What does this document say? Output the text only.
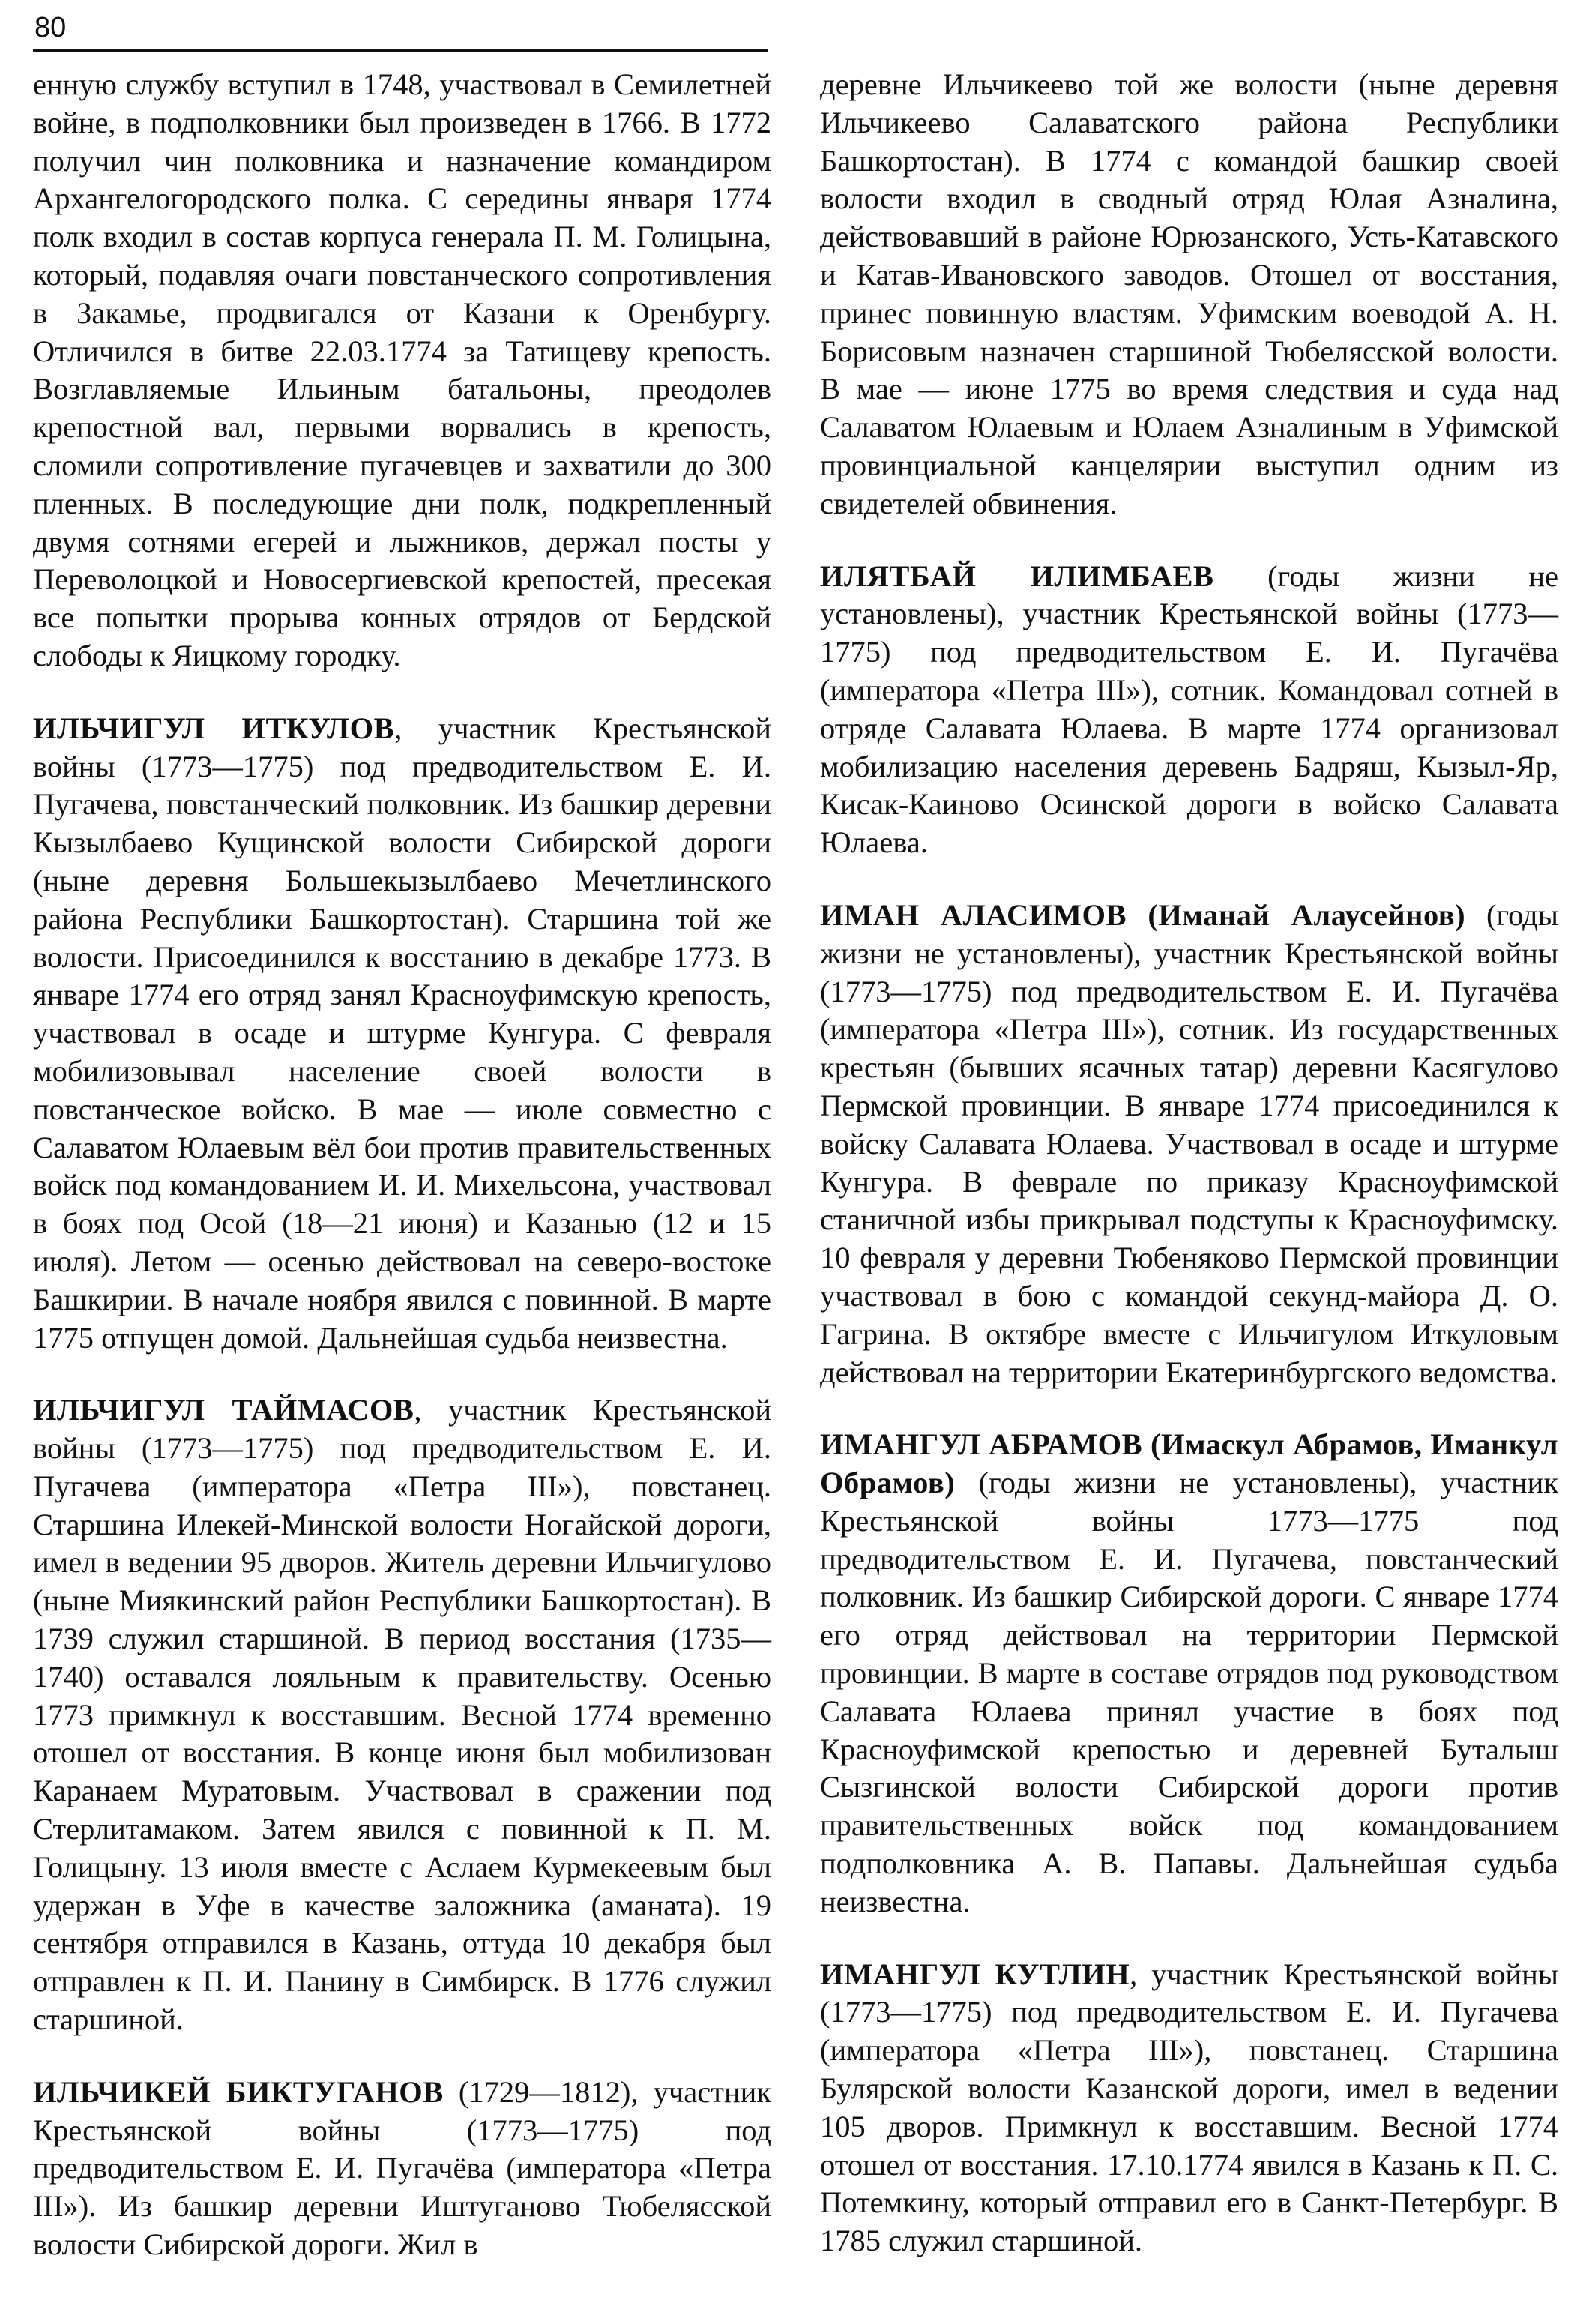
80

енную службу вступил в 1748, участвовал в Семилетней войне, в подполковники был произведен в 1766. В 1772 получил чин полковника и назначение командиром Архангелогородского полка. С середины января 1774 полк входил в состав корпуса генерала П. М. Голицына, который, подавляя очаги повстанческого сопротивления в Закамье, продвигался от Казани к Оренбургу. Отличился в битве 22.03.1774 за Татищеву крепость. Возглавляемые Ильиным батальоны, преодолев крепостной вал, первыми ворвались в крепость, сломили сопротивление пугачевцев и захватили до 300 пленных. В последующие дни полк, подкрепленный двумя сотнями егерей и лыжников, держал посты у Переволоцкой и Новосергиевской крепостей, пресекая все попытки прорыва конных отрядов от Бердской слободы к Яицкому городку.

ИЛЬЧИГУЛ ИТКУЛОВ, участник Крестьянской войны (1773—1775) под предводительством Е. И. Пугачева, повстанческий полковник. Из башкир деревни Кызылбаево Кущинской волости Сибирской дороги (ныне деревня Большекызылбаево Мечетлинского района Республики Башкортостан). Старшина той же волости. Присоединился к восстанию в декабре 1773. В январе 1774 его отряд занял Красноуфимскую крепость, участвовал в осаде и штурме Кунгура. С февраля мобилизовывал население своей волости в повстанческое войско. В мае — июле совместно с Салаватом Юлаевым вёл бои против правительственных войск под командованием И. И. Михельсона, участвовал в боях под Осой (18—21 июня) и Казанью (12 и 15 июля). Летом — осенью действовал на северо-востоке Башкирии. В начале ноября явился с повинной. В марте 1775 отпущен домой. Дальнейшая судьба неизвестна.

ИЛЬЧИГУЛ ТАЙМАСОВ, участник Крестьянской войны (1773—1775) под предводительством Е. И. Пугачева (императора «Петра III»), повстанец. Старшина Илекей-Минской волости Ногайской дороги, имел в ведении 95 дворов. Житель деревни Ильчигулово (ныне Миякинский район Республики Башкортостан). В 1739 служил старшиной. В период восстания (1735—1740) оставался лояльным к правительству. Осенью 1773 примкнул к восставшим. Весной 1774 временно отошел от восстания. В конце июня был мобилизован Каранаем Муратовым. Участвовал в сражении под Стерлитамаком. Затем явился с повинной к П. М. Голицыну. 13 июля вместе с Аслаем Курмекеевым был удержан в Уфе в качестве заложника (аманата). 19 сентября отправился в Казань, оттуда 10 декабря был отправлен к П. И. Панину в Симбирск. В 1776 служил старшиной.

ИЛЬЧИКЕЙ БИКТУГАНОВ (1729—1812), участник Крестьянской войны (1773—1775) под предводительством Е. И. Пугачёва (императора «Петра III»). Из башкир деревни Иштуганово Тюбелясской волости Сибирской дороги. Жил в

деревне Ильчикеево той же волости (ныне деревня Ильчикеево Салаватского района Республики Башкортостан). В 1774 с командой башкир своей волости входил в сводный отряд Юлая Азналина, действовавший в районе Юрюзанского, Усть-Катавского и Катав-Ивановского заводов. Отошел от восстания, принес повинную властям. Уфимским воеводой А. Н. Борисовым назначен старшиной Тюбелясской волости. В мае — июне 1775 во время следствия и суда над Салаватом Юлаевым и Юлаем Азналиным в Уфимской провинциальной канцелярии выступил одним из свидетелей обвинения.

ИЛЯТБАЙ ИЛИМБАЕВ (годы жизни не установлены), участник Крестьянской войны (1773—1775) под предводительством Е. И. Пугачёва (императора «Петра III»), сотник. Командовал сотней в отряде Салавата Юлаева. В марте 1774 организовал мобилизацию населения деревень Бадряш, Кызыл-Яр, Кисак-Каиново Осинской дороги в войско Салавата Юлаева.

ИМАН АЛАСИМОВ (Иманай Алаусейнов) (годы жизни не установлены), участник Крестьянской войны (1773—1775) под предводительством Е. И. Пугачёва (императора «Петра III»), сотник. Из государственных крестьян (бывших ясачных татар) деревни Касягулово Пермской провинции. В январе 1774 присоединился к войску Салавата Юлаева. Участвовал в осаде и штурме Кунгура. В феврале по приказу Красноуфимской станичной избы прикрывал подступы к Красноуфимску. 10 февраля у деревни Тюбеняково Пермской провинции участвовал в бою с командой секунд-майора Д. О. Гагрина. В октябре вместе с Ильчигулом Иткуловым действовал на территории Екатеринбургского ведомства.

ИМАНГУЛ АБРАМОВ (Имаскул Абрамов, Иманкул Обрамов) (годы жизни не установлены), участник Крестьянской войны 1773—1775 под предводительством Е. И. Пугачева, повстанческий полковник. Из башкир Сибирской дороги. С январе 1774 его отряд действовал на территории Пермской провинции. В марте в составе отрядов под руководством Салавата Юлаева принял участие в боях под Красноуфимской крепостью и деревней Буталыш Сызгинской волости Сибирской дороги против правительственных войск под командованием подполковника А. В. Папавы. Дальнейшая судьба неизвестна.

ИМАНГУЛ КУТЛИН, участник Крестьянской войны (1773—1775) под предводительством Е. И. Пугачева (императора «Петра III»), повстанец. Старшина Булярской волости Казанской дороги, имел в ведении 105 дворов. Примкнул к восставшим. Весной 1774 отошел от восстания. 17.10.1774 явился в Казань к П. С. Потемкину, который отправил его в Санкт-Петербург. В 1785 служил старшиной.
